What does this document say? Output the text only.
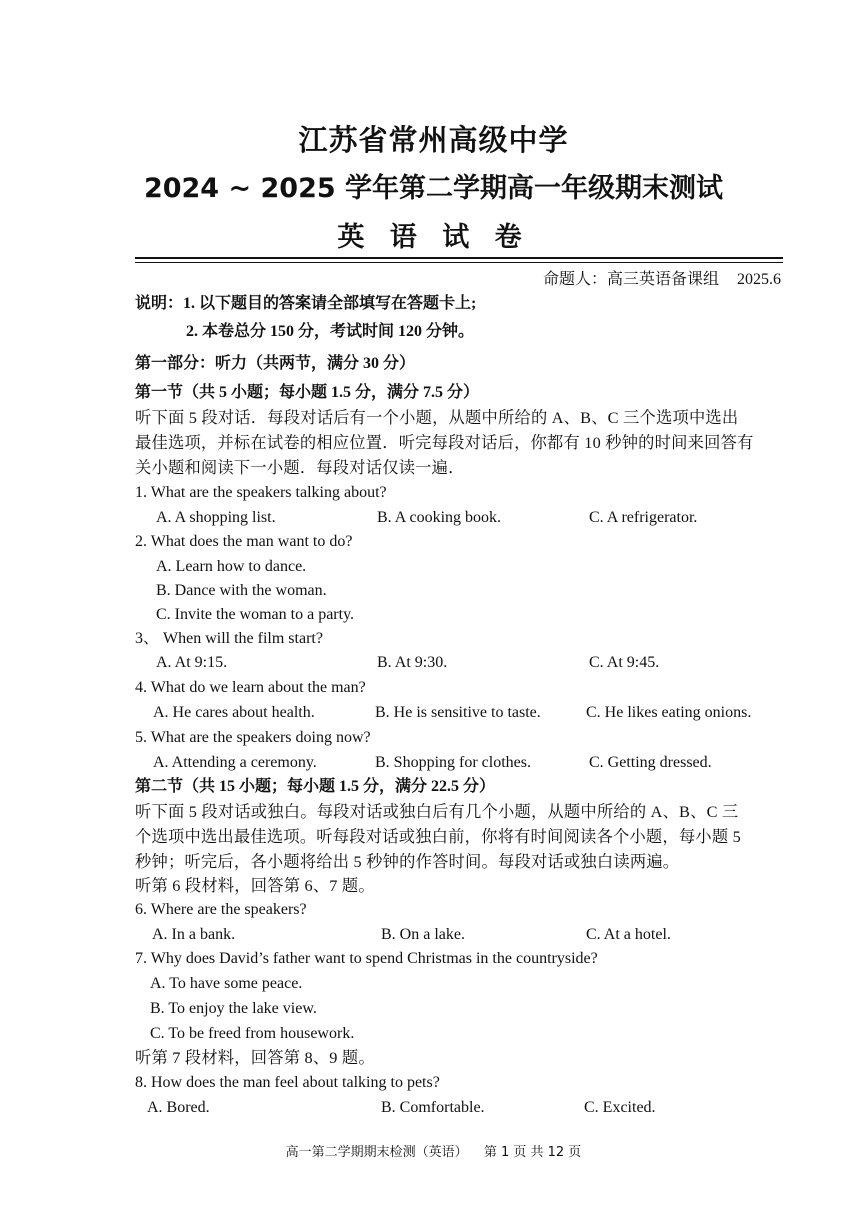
江苏省常州高级中学
2024 ~ 2025 学年第二学期高一年级期末测试
英 语 试 卷
命题人：高三英语备课组 2025.6
说明：1. 以下题目的答案请全部填写在答题卡上;
2. 本卷总分 150 分，考试时间 120 分钟。
第一部分：听力（共两节，满分 30 分）
第一节（共 5 小题；每小题 1.5 分，满分 7.5 分）
听下面 5 段对话．每段对话后有一个小题，从题中所给的 A、B、C 三个选项中选出
最佳选项，并标在试卷的相应位置．听完每段对话后，你都有 10 秒钟的时间来回答有
关小题和阅读下一小题．每段对话仅读一遍．
1. What are the speakers talking about?
A. A shopping list.	B. A cooking book.	C. A refrigerator.
2. What does the man want to do?
A. Learn how to dance.
B. Dance with the woman.
C. Invite the woman to a party.
3、 When will the film start?
A. At 9:15.	B. At 9:30.	C. At 9:45.
4. What do we learn about the man?
A. He cares about health.	B. He is sensitive to taste.	C. He likes eating onions.
5. What are the speakers doing now?
A. Attending a ceremony.	B. Shopping for clothes.	C. Getting dressed.
第二节（共 15 小题；每小题 1.5 分，满分 22.5 分）
听下面 5 段对话或独白。每段对话或独白后有几个小题，从题中所给的 A、B、C 三
个选项中选出最佳选项。听每段对话或独白前，你将有时间阅读各个小题，每小题 5
秒钟；听完后，各小题将给出 5 秒钟的作答时间。每段对话或独白读两遍。
听第 6 段材料，回答第 6、7 题。
6. Where are the speakers?
A. In a bank.	B. On a lake.	C. At a hotel.
7. Why does David’s father want to spend Christmas in the countryside?
A. To have some peace.
B. To enjoy the lake view.
C. To be freed from housework.
听第 7 段材料，回答第 8、9 题。
8. How does the man feel about talking to pets?
A. Bored.	B. Comfortable.	C. Excited.
高一第二学期期末检测（英语） 第 1 页 共 12 页
